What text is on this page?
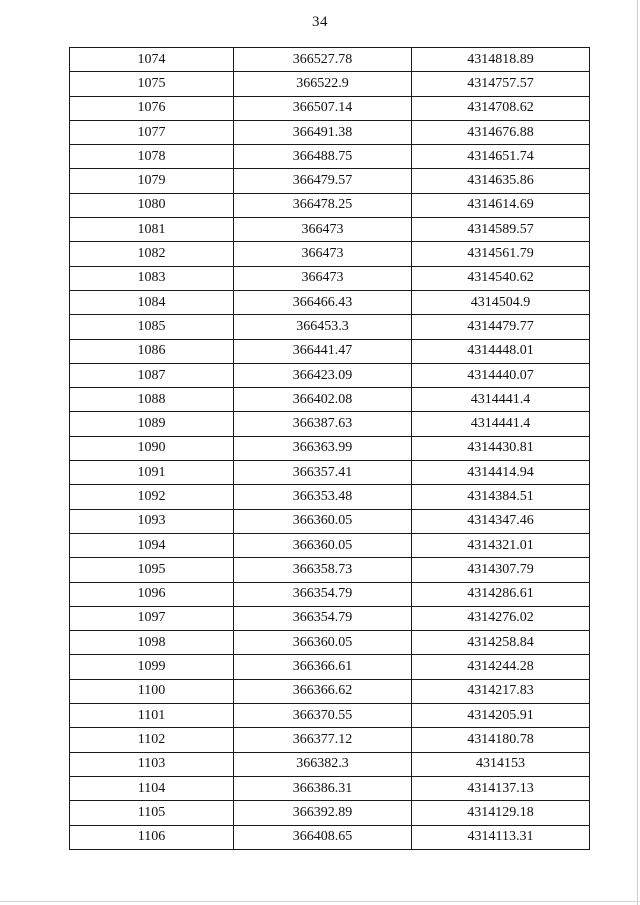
34
1074	366527.78	4314818.89
1075	366522.9	4314757.57
1076	366507.14	4314708.62
1077	366491.38	4314676.88
1078	366488.75	4314651.74
1079	366479.57	4314635.86
1080	366478.25	4314614.69
1081	366473	4314589.57
1082	366473	4314561.79
1083	366473	4314540.62
1084	366466.43	4314504.9
1085	366453.3	4314479.77
1086	366441.47	4314448.01
1087	366423.09	4314440.07
1088	366402.08	4314441.4
1089	366387.63	4314441.4
1090	366363.99	4314430.81
1091	366357.41	4314414.94
1092	366353.48	4314384.51
1093	366360.05	4314347.46
1094	366360.05	4314321.01
1095	366358.73	4314307.79
1096	366354.79	4314286.61
1097	366354.79	4314276.02
1098	366360.05	4314258.84
1099	366366.61	4314244.28
1100	366366.62	4314217.83
1101	366370.55	4314205.91
1102	366377.12	4314180.78
1103	366382.3	4314153
1104	366386.31	4314137.13
1105	366392.89	4314129.18
1106	366408.65	4314113.31
